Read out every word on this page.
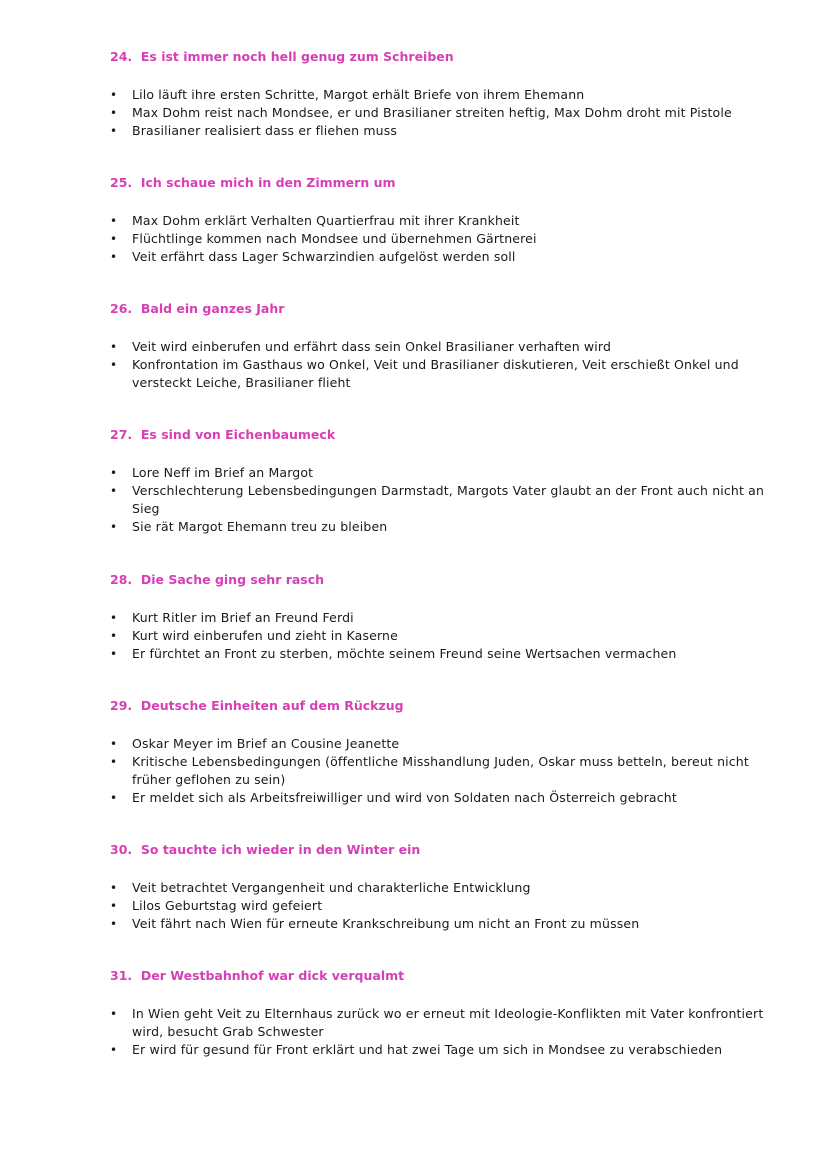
24. Es ist immer noch hell genug zum Schreiben
• Lilo läuft ihre ersten Schritte, Margot erhält Briefe von ihrem Ehemann
• Max Dohm reist nach Mondsee, er und Brasilianer streiten heftig, Max Dohm droht mit Pistole
• Brasilianer realisiert dass er fliehen muss
25. Ich schaue mich in den Zimmern um
• Max Dohm erklärt Verhalten Quartierfrau mit ihrer Krankheit
• Flüchtlinge kommen nach Mondsee und übernehmen Gärtnerei
• Veit erfährt dass Lager Schwarzindien aufgelöst werden soll
26. Bald ein ganzes Jahr
• Veit wird einberufen und erfährt dass sein Onkel Brasilianer verhaften wird
• Konfrontation im Gasthaus wo Onkel, Veit und Brasilianer diskutieren, Veit erschießt Onkel und versteckt Leiche, Brasilianer flieht
27. Es sind von Eichenbaumeck
• Lore Neff im Brief an Margot
• Verschlechterung Lebensbedingungen Darmstadt, Margots Vater glaubt an der Front auch nicht an Sieg
• Sie rät Margot Ehemann treu zu bleiben
28. Die Sache ging sehr rasch
• Kurt Ritler im Brief an Freund Ferdi
• Kurt wird einberufen und zieht in Kaserne
• Er fürchtet an Front zu sterben, möchte seinem Freund seine Wertsachen vermachen
29. Deutsche Einheiten auf dem Rückzug
• Oskar Meyer im Brief an Cousine Jeanette
• Kritische Lebensbedingungen (öffentliche Misshandlung Juden, Oskar muss betteln, bereut nicht früher geflohen zu sein)
• Er meldet sich als Arbeitsfreiwilliger und wird von Soldaten nach Österreich gebracht
30. So tauchte ich wieder in den Winter ein
• Veit betrachtet Vergangenheit und charakterliche Entwicklung
• Lilos Geburtstag wird gefeiert
• Veit fährt nach Wien für erneute Krankschreibung um nicht an Front zu müssen
31. Der Westbahnhof war dick verqualmt
• In Wien geht Veit zu Elternhaus zurück wo er erneut mit Ideologie-Konflikten mit Vater konfrontiert wird, besucht Grab Schwester
• Er wird für gesund für Front erklärt und hat zwei Tage um sich in Mondsee zu verabschieden
